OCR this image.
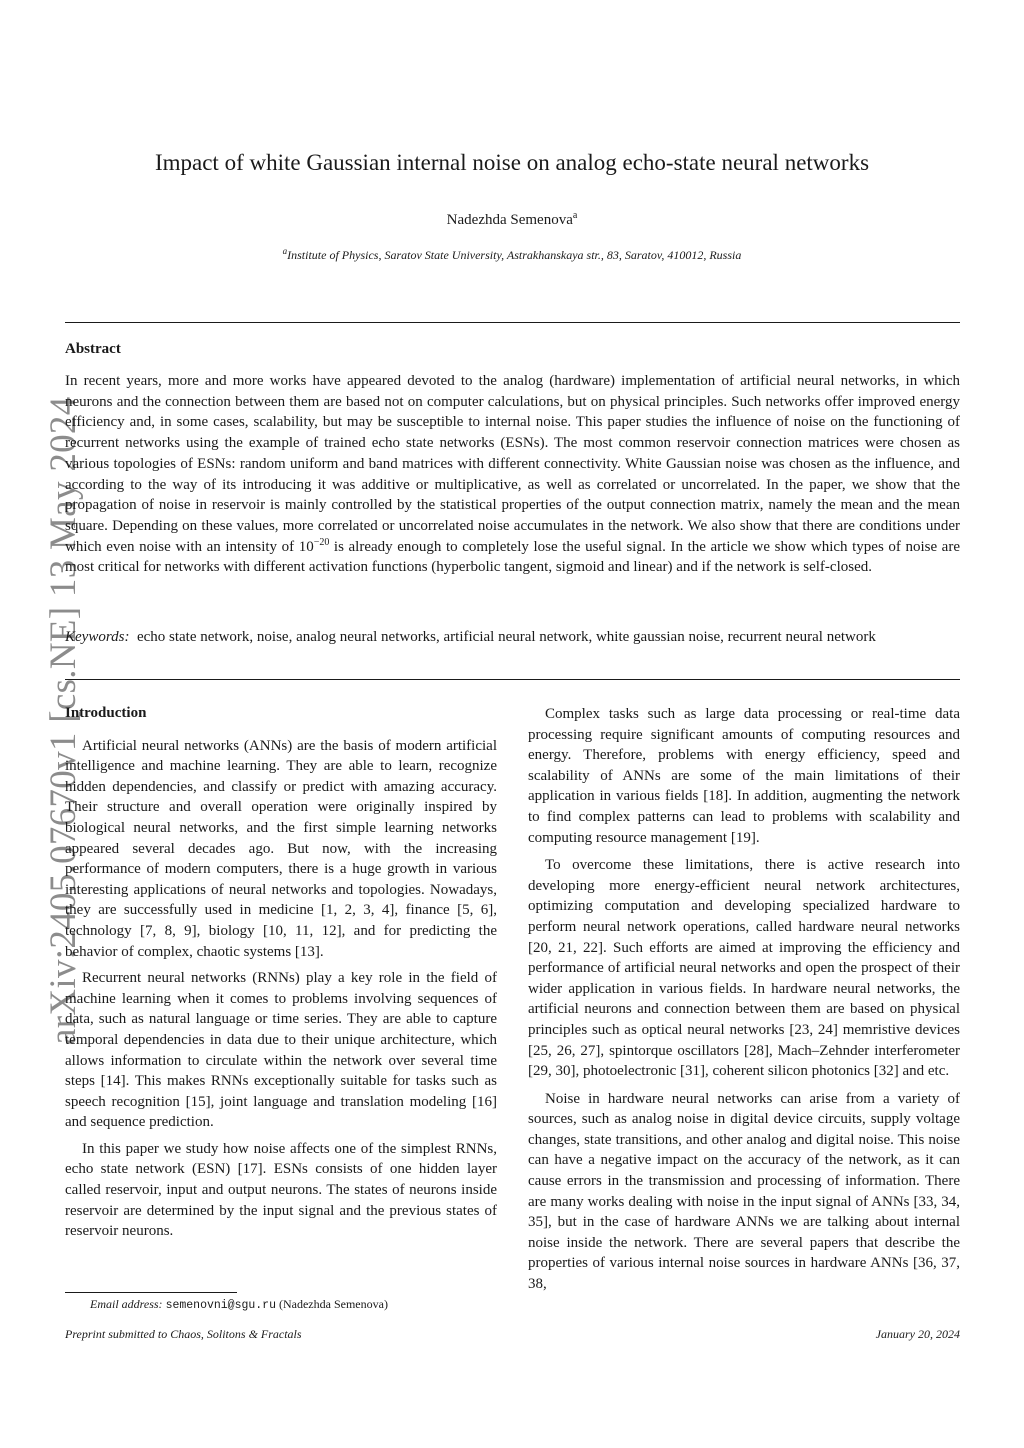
arXiv:2405.07670v1 [cs.NE] 13 May 2024
Impact of white Gaussian internal noise on analog echo-state neural networks
Nadezhda Semenova$^a$
$^a$Institute of Physics, Saratov State University, Astrakhanskaya str., 83, Saratov, 410012, Russia
Abstract

In recent years, more and more works have appeared devoted to the analog (hardware) implementation of artificial neural networks, in which neurons and the connection between them are based not on computer calculations, but on physical principles. Such networks offer improved energy efficiency and, in some cases, scalability, but may be susceptible to internal noise. This paper studies the influence of noise on the functioning of recurrent networks using the example of trained echo state networks (ESNs). The most common reservoir connection matrices were chosen as various topologies of ESNs: random uniform and band matrices with different connectivity. White Gaussian noise was chosen as the influence, and according to the way of its introducing it was additive or multiplicative, as well as correlated or uncorrelated. In the paper, we show that the propagation of noise in reservoir is mainly controlled by the statistical properties of the output connection matrix, namely the mean and the mean square. Depending on these values, more correlated or uncorrelated noise accumulates in the network. We also show that there are conditions under which even noise with an intensity of $10^{-20}$ is already enough to completely lose the useful signal. In the article we show which types of noise are most critical for networks with different activation functions (hyperbolic tangent, sigmoid and linear) and if the network is self-closed.

Keywords: echo state network, noise, analog neural networks, artificial neural network, white gaussian noise, recurrent neural network

Introduction

Artificial neural networks (ANNs) are the basis of modern artificial intelligence and machine learning. They are able to learn, recognize hidden dependencies, and classify or predict with amazing accuracy. Their structure and overall operation were originally inspired by biological neural networks, and the first simple learning networks appeared several decades ago. But now, with the increasing performance of modern computers, there is a huge growth in various interesting applications of neural networks and topologies. Nowadays, they are successfully used in medicine [1, 2, 3, 4], finance [5, 6], technology [7, 8, 9], biology [10, 11, 12], and for predicting the behavior of complex, chaotic systems [13].

Recurrent neural networks (RNNs) play a key role in the field of machine learning when it comes to problems involving sequences of data, such as natural language or time series. They are able to capture temporal dependencies in data due to their unique architecture, which allows information to circulate within the network over several time steps [14]. This makes RNNs exceptionally suitable for tasks such as speech recognition [15], joint language and translation modeling [16] and sequence prediction.

In this paper we study how noise affects one of the simplest RNNs, echo state network (ESN) [17]. ESNs consists of one hidden layer called reservoir, input and output neurons. The states of neurons inside reservoir are determined by the input signal and the previous states of reservoir neurons.

Complex tasks such as large data processing or real-time data processing require significant amounts of computing resources and energy. Therefore, problems with energy efficiency, speed and scalability of ANNs are some of the main limitations of their application in various fields [18]. In addition, augmenting the network to find complex patterns can lead to problems with scalability and computing resource management [19].

To overcome these limitations, there is active research into developing more energy-efficient neural network architectures, optimizing computation and developing specialized hardware to perform neural network operations, called hardware neural networks [20, 21, 22]. Such efforts are aimed at improving the efficiency and performance of artificial neural networks and open the prospect of their wider application in various fields. In hardware neural networks, the artificial neurons and connection between them are based on physical principles such as optical neural networks [23, 24] memristive devices [25, 26, 27], spintorque oscillators [28], Mach–Zehnder interferometer [29, 30], photoelectronic [31], coherent silicon photonics [32] and etc.

Noise in hardware neural networks can arise from a variety of sources, such as analog noise in digital device circuits, supply voltage changes, state transitions, and other analog and digital noise. This noise can have a negative impact on the accuracy of the network, as it can cause errors in the transmission and processing of information. There are many works dealing with noise in the input signal of ANNs [33, 34, 35], but in the case of hardware ANNs we are talking about internal noise inside the network. There are several papers that describe the properties of various internal noise sources in hardware ANNs [36, 37, 38,

Email address: semenovni@sgu.ru (Nadezhda Semenova)
Preprint submitted to Chaos, Solitons & Fractals	January 20, 2024
